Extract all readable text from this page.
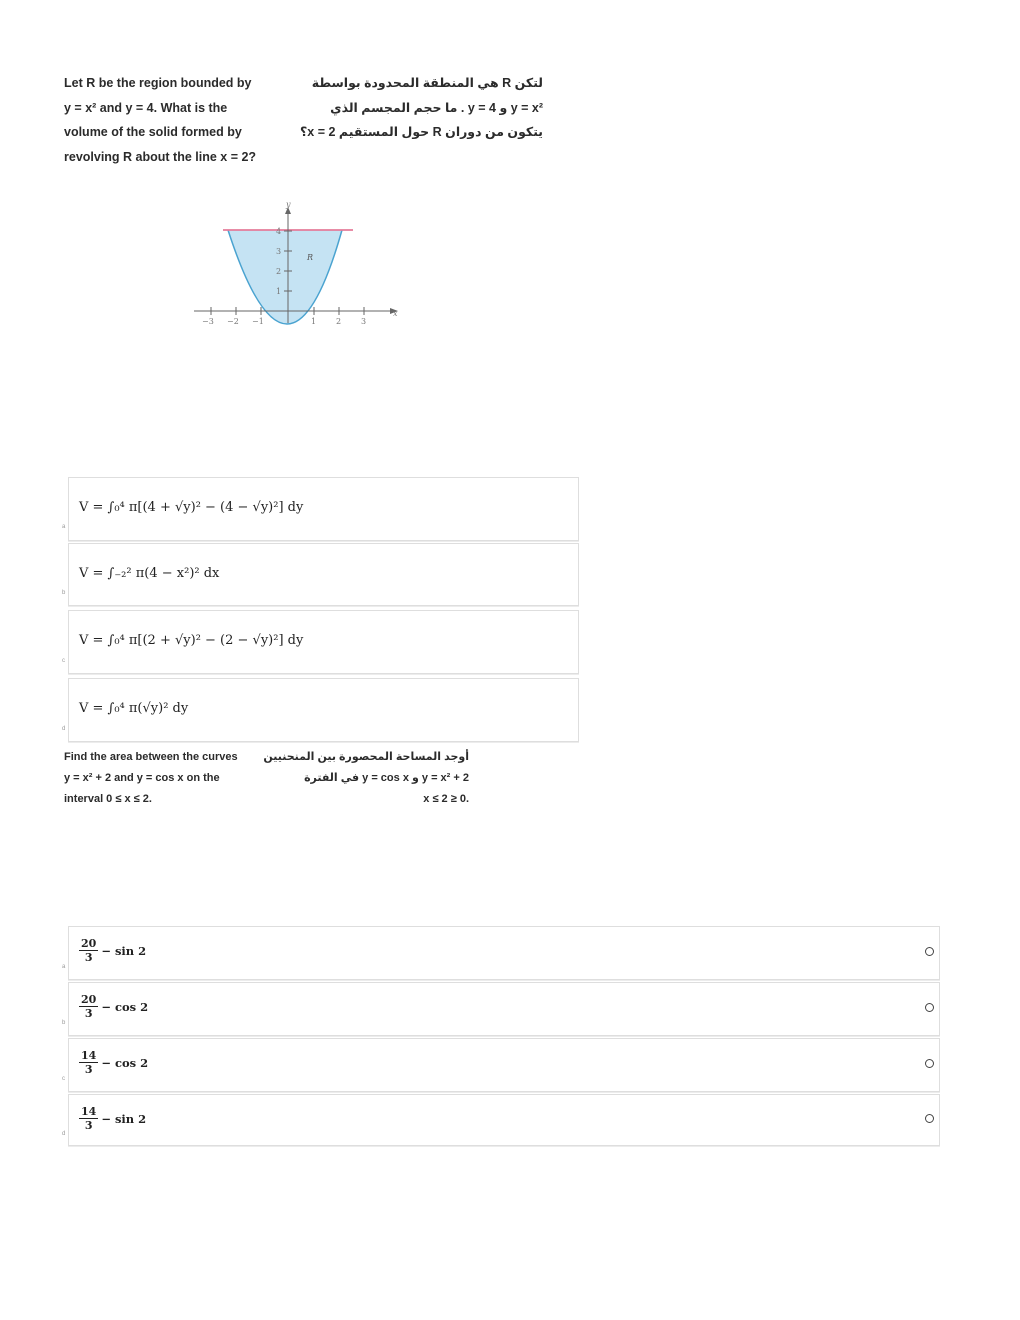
Let R be the region bounded by
y = x² and y = 4. What is the
volume of the solid formed by
revolving R about the line x = 2?
لتكن R هي المنطقة المحدودة بواسطة
y = x² و y = 4 . ما حجم المجسم الذي
يتكون من دوران R حول المستقيم x = 2؟
−3 −2 −1	1 2 3
1
2
3
4
y
x
R
V = ∫₀⁴ π[(4 + √y)² − (4 − √y)²] dy
a
V = ∫₋₂² π(4 − x²)² dx
b
V = ∫₀⁴ π[(2 + √y)² − (2 − √y)²] dy
c
V = ∫₀⁴ π(√y)² dy
d
Find the area between the curves
y = x² + 2 and y = cos x on the
interval 0 ≤ x ≤ 2.
أوجد المساحة المحصورة بين المنحنيين
y = x² + 2 و y = cos x في الفترة
.0 ≤ x ≤ 2
$\frac{20}{3} - \sin 2$
a
$\frac{20}{3} - \cos 2$
b
$\frac{14}{3} - \cos 2$
c
$\frac{14}{3} - \sin 2$
d
